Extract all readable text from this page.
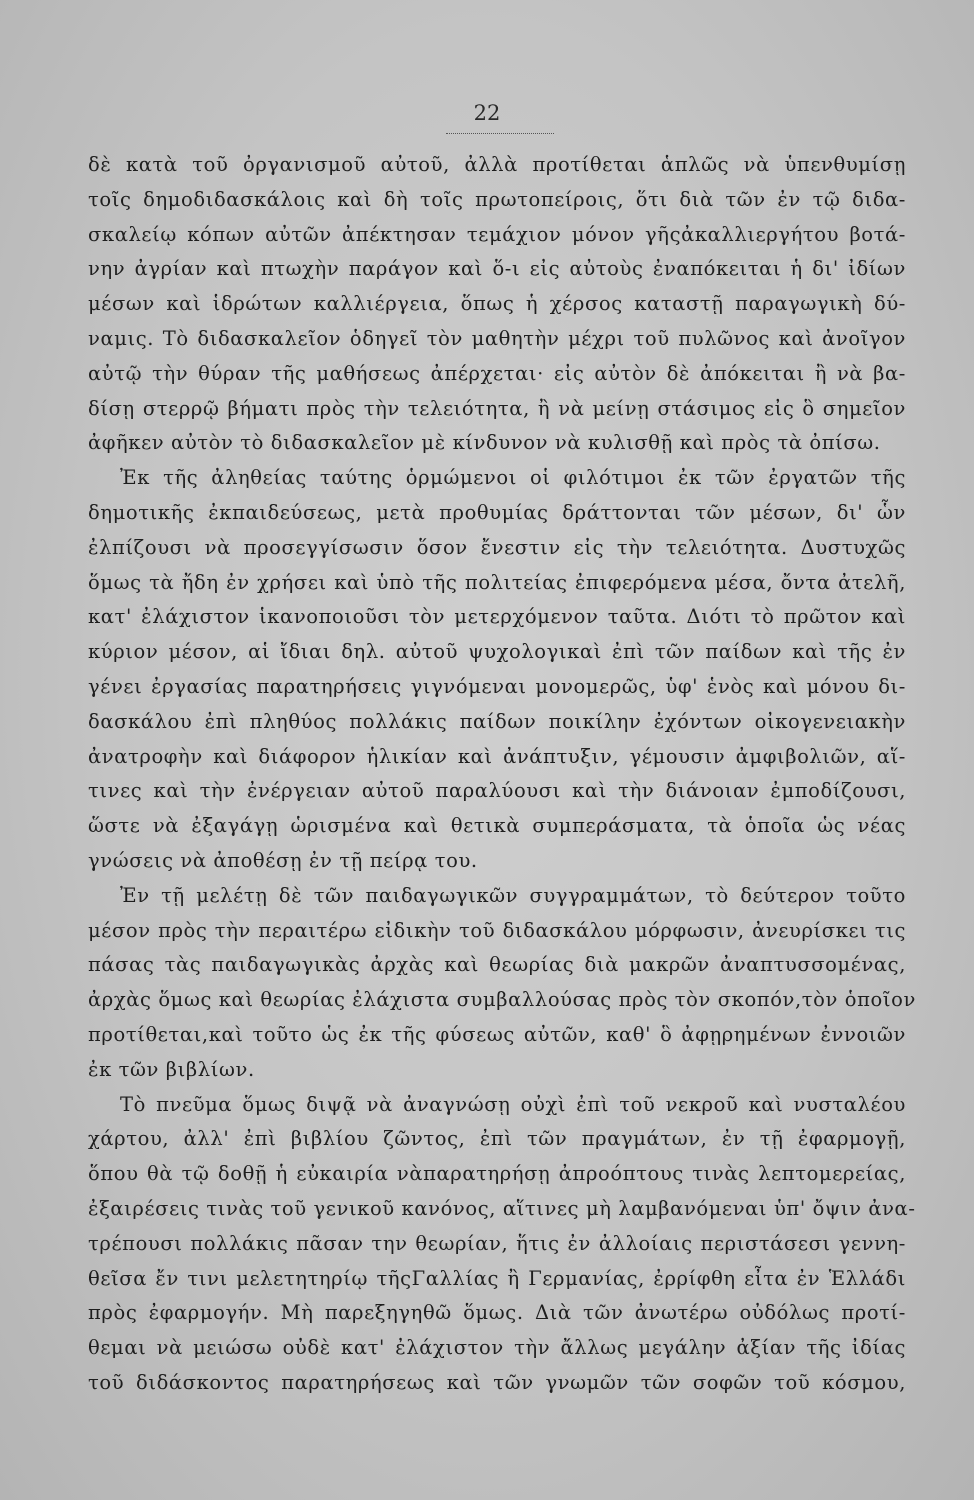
22
δὲ κατὰ τοῦ ὀργανισμοῦ αὐτοῦ, ἀλλὰ προτίθεται ἁπλῶς νὰ ὑπενθυμίσῃ
τοῖς δημοδιδασκάλοις καὶ δὴ τοῖς πρωτοπείροις, ὅτι διὰ τῶν ἐν τῷ διδα-
σκαλείῳ κόπων αὐτῶν ἀπέκτησαν τεμάχιον μόνον γῆςἀκαλλιεργήτου βοτά-
νην ἀγρίαν καὶ πτωχὴν παράγον καὶ ὅ-ι εἰς αὐτοὺς ἐναπόκειται ἡ δι' ἰδίων
μέσων καὶ ἱδρώτων καλλιέργεια, ὅπως ἡ χέρσος καταστῇ παραγωγικὴ δύ-
ναμις. Τὸ διδασκαλεῖον ὁδηγεῖ τὸν μαθητὴν μέχρι τοῦ πυλῶνος καὶ ἀνοῖγον
αὐτῷ τὴν θύραν τῆς μαθήσεως ἀπέρχεται· εἰς αὐτὸν δὲ ἀπόκειται ἢ νὰ βα-
δίσῃ στερρῷ βήματι πρὸς τὴν τελειότητα, ἢ νὰ μείνῃ στάσιμος εἰς ὃ σημεῖον
ἀφῆκεν αὐτὸν τὸ διδασκαλεῖον μὲ κίνδυνον νὰ κυλισθῇ καὶ πρὸς τὰ ὀπίσω.
Ἐκ τῆς ἀληθείας ταύτης ὁρμώμενοι οἱ φιλότιμοι ἐκ τῶν ἐργατῶν τῆς
δημοτικῆς ἐκπαιδεύσεως, μετὰ προθυμίας δράττονται τῶν μέσων, δι' ὧν
ἐλπίζουσι νὰ προσεγγίσωσιν ὅσον ἔνεστιν εἰς τὴν τελειότητα. Δυστυχῶς
ὅμως τὰ ἤδη ἐν χρήσει καὶ ὑπὸ τῆς πολιτείας ἐπιφερόμενα μέσα, ὄντα ἀτελῆ,
κατ' ἐλάχιστον ἱκανοποιοῦσι τὸν μετερχόμενον ταῦτα. Διότι τὸ πρῶτον καὶ
κύριον μέσον, αἱ ἴδιαι δηλ. αὐτοῦ ψυχολογικαὶ ἐπὶ τῶν παίδων καὶ τῆς ἐν
γένει ἐργασίας παρατηρήσεις γιγνόμεναι μονομερῶς, ὑφ' ἑνὸς καὶ μόνου δι-
δασκάλου ἐπὶ πληθύος πολλάκις παίδων ποικίλην ἐχόντων οἰκογενειακὴν
ἀνατροφὴν καὶ διάφορον ἡλικίαν καὶ ἀνάπτυξιν, γέμουσιν ἀμφιβολιῶν, αἵ-
τινες καὶ τὴν ἐνέργειαν αὐτοῦ παραλύουσι καὶ τὴν διάνοιαν ἐμποδίζουσι,
ὥστε νὰ ἐξαγάγῃ ὡρισμένα καὶ θετικὰ συμπεράσματα, τὰ ὁποῖα ὡς νέας
γνώσεις νὰ ἀποθέσῃ ἐν τῇ πείρᾳ του.
Ἐν τῇ μελέτῃ δὲ τῶν παιδαγωγικῶν συγγραμμάτων, τὸ δεύτερον τοῦτο
μέσον πρὸς τὴν περαιτέρω εἰδικὴν τοῦ διδασκάλου μόρφωσιν, ἀνευρίσκει τις
πάσας τὰς παιδαγωγικὰς ἀρχὰς καὶ θεωρίας διὰ μακρῶν ἀναπτυσσομένας,
ἀρχὰς ὅμως καὶ θεωρίας ἐλάχιστα συμβαλλούσας πρὸς τὸν σκοπόν,τὸν ὁποῖον
προτίθεται,καὶ τοῦτο ὡς ἐκ τῆς φύσεως αὐτῶν, καθ' ὃ ἀφῃρημένων ἐννοιῶν
ἐκ τῶν βιβλίων.
Τὸ πνεῦμα ὅμως διψᾷ νὰ ἀναγνώσῃ οὐχὶ ἐπὶ τοῦ νεκροῦ καὶ νυσταλέου
χάρτου, ἀλλ' ἐπὶ βιβλίου ζῶντος, ἐπὶ τῶν πραγμάτων, ἐν τῇ ἐφαρμογῇ,
ὅπου θὰ τῷ δοθῇ ἡ εὐκαιρία νὰπαρατηρήσῃ ἀπροόπτους τινὰς λεπτομερείας,
ἐξαιρέσεις τινὰς τοῦ γενικοῦ κανόνος, αἵτινες μὴ λαμβανόμεναι ὑπ' ὄψιν ἀνα-
τρέπουσι πολλάκις πᾶσαν την θεωρίαν, ἥτις ἐν ἀλλοίαις περιστάσεσι γεννη-
θεῖσα ἔν τινι μελετητηρίῳ τῆςΓαλλίας ἢ Γερμανίας, ἐρρίφθη εἶτα ἐν Ἑλλάδι
πρὸς ἐφαρμογήν. Μὴ παρεξηγηθῶ ὅμως. Διὰ τῶν ἀνωτέρω οὐδόλως προτί-
θεμαι νὰ μειώσω οὐδὲ κατ' ἐλάχιστον τὴν ἄλλως μεγάλην ἀξίαν τῆς ἰδίας
τοῦ διδάσκοντος παρατηρήσεως καὶ τῶν γνωμῶν τῶν σοφῶν τοῦ κόσμου,
